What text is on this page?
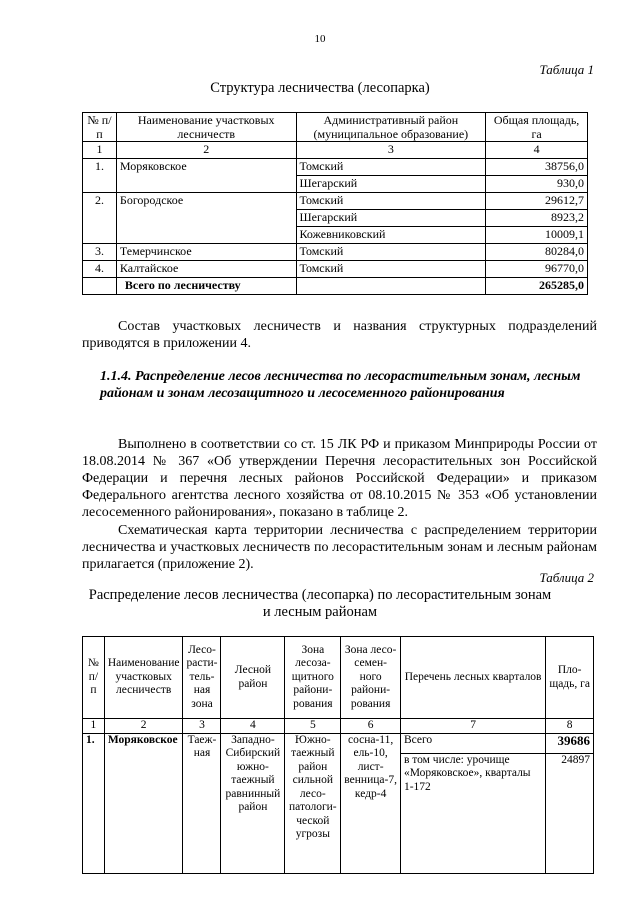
10
Таблица 1
Структура лесничества (лесопарка)
№ п/п	Наименование участковых лесничеств	Административный район (муниципальное образование)	Общая площадь, га
1	2	3	4
1.	Моряковское	Томский	38756,0
		Шегарский	930,0
2.	Богородское	Томский	29612,7
		Шегарский	8923,2
		Кожевниковский	10009,1
3.	Темерчинское	Томский	80284,0
4.	Калтайское	Томский	96770,0
	Всего по лесничеству		265285,0
Состав участковых лесничеств и названия структурных подразделений приводятся в приложении 4.
1.1.4. Распределение лесов лесничества по лесорастительным зонам, лесным районам и зонам лесозащитного и лесосеменного районирования
Выполнено в соответствии со ст. 15 ЛК РФ и приказом Минприроды России от 18.08.2014 № 367 «Об утверждении Перечня лесорастительных зон Российской Федерации и перечня лесных районов Российской Федерации» и приказом Федерального агентства лесного хозяйства от 08.10.2015 № 353 «Об установлении лесосеменного районирования», показано в таблице 2.
Схематическая карта территории лесничества с распределением территории лесничества и участковых лесничеств по лесорастительным зонам и лесным районам прилагается (приложение 2).
Таблица 2
Распределение лесов лесничества (лесопарка) по лесорастительным зонам
и лесным районам
№ п/п	Наименование участковых лесничеств	Лесо-расти-тель-ная зона	Лесной район	Зона лесоза-щитного райони-рования	Зона лесо-семен-ного райони-рования	Перечень лесных кварталов	Пло-щадь, га
1	2	3	4	5	6	7	8
1.	Моряковское	Таеж-ная	Западно-Сибирский южно-таежный равнинный район	Южно-таежный район сильной лесо-патологи-ческой угрозы	сосна-11, ель-10, лист-венница-7, кедр-4	Всего	39686
						в том числе: урочище «Моряковское», кварталы 1-172	24897
